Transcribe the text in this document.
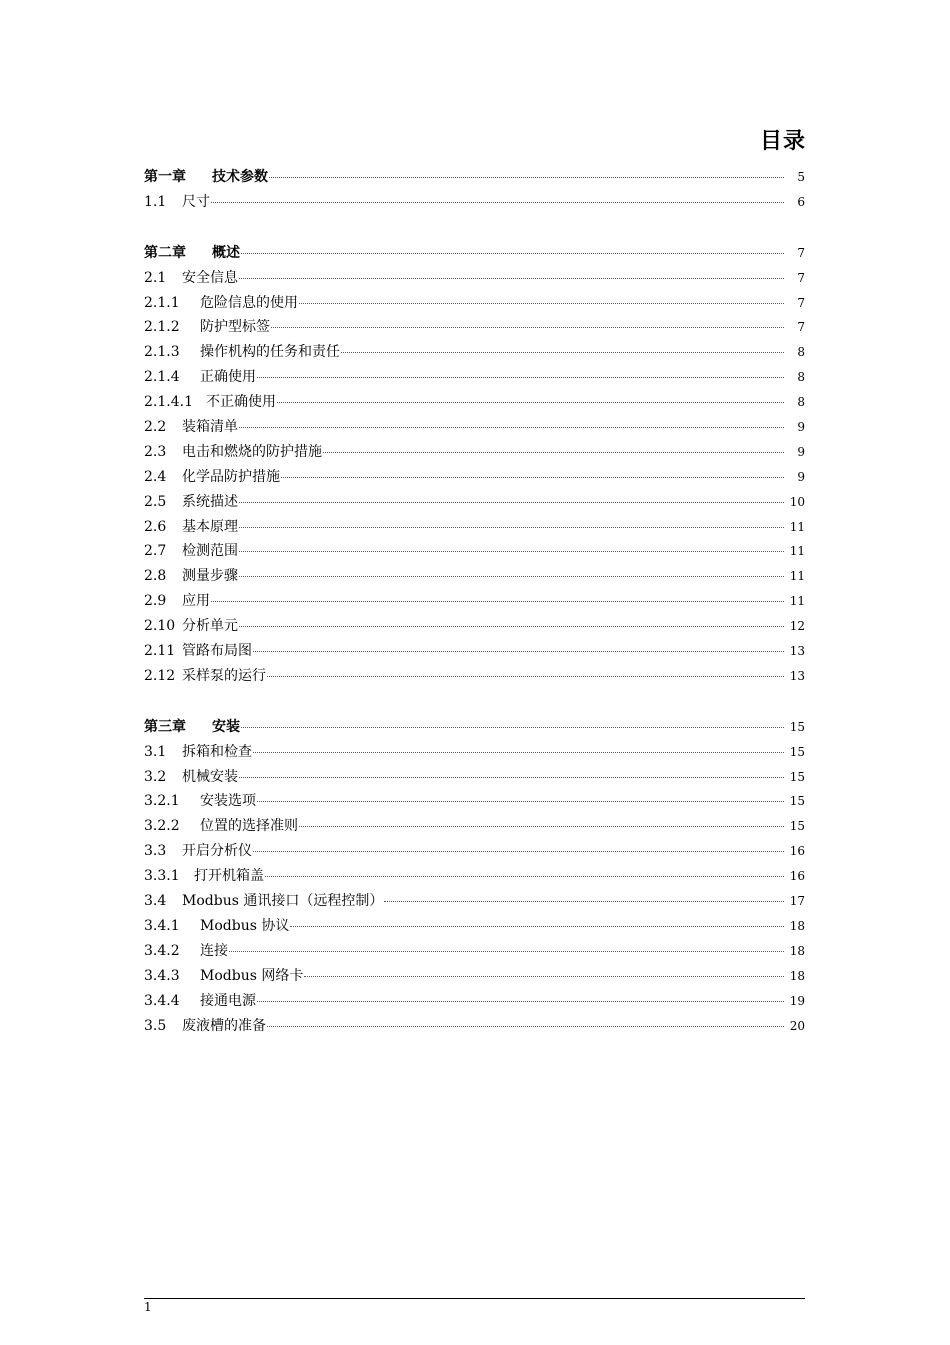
目录
第一章	技术参数	5
1.1	尺寸	6
第二章	概述	7
2.1	安全信息	7
2.1.1	危险信息的使用	7
2.1.2	防护型标签	7
2.1.3	操作机构的任务和责任	8
2.1.4	正确使用	8
2.1.4.1 不正确使用	8
2.2	装箱清单	9
2.3	电击和燃烧的防护措施	9
2.4	化学品防护措施	9
2.5	系统描述	10
2.6	基本原理	11
2.7	检测范围	11
2.8	测量步骤	11
2.9	应用	11
2.10 分析单元	12
2.11 管路布局图	13
2.12 采样泵的运行	13
第三章	安装	15
3.1	拆箱和检查	15
3.2	机械安装	15
3.2.1	安装选项	15
3.2.2	位置的选择准则	15
3.3	开启分析仪	16
3.3.1	打开机箱盖	16
3.4	Modbus 通讯接口（远程控制）	17
3.4.1	Modbus 协议	18
3.4.2	连接	18
3.4.3	Modbus 网络卡	18
3.4.4	接通电源	19
3.5	废液槽的准备	20
1
